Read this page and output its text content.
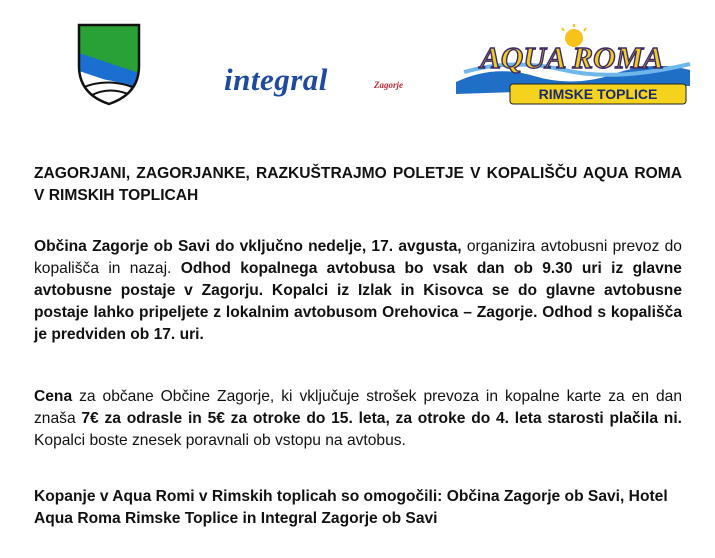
integral	Zagorje
AQUA ROMA
RIMSKE TOPLICE
ZAGORJANI, ZAGORJANKE, RAZKUŠTRAJMO POLETJE V KOPALIŠČU AQUA ROMA V RIMSKIH TOPLICAH
Občina Zagorje ob Savi do vključno nedelje, 17. avgusta, organizira avtobusni prevoz do kopališča in nazaj. Odhod kopalnega avtobusa bo vsak dan ob 9.30 uri iz glavne avtobusne postaje v Zagorju. Kopalci iz Izlak in Kisovca se do glavne avtobusne postaje lahko pripeljete z lokalnim avtobusom Orehovica – Zagorje. Odhod s kopališča je predviden ob 17. uri.
Cena za občane Občine Zagorje, ki vključuje strošek prevoza in kopalne karte za en dan znaša 7€ za odrasle in 5€ za otroke do 15. leta, za otroke do 4. leta starosti plačila ni. Kopalci boste znesek poravnali ob vstopu na avtobus.
Kopanje v Aqua Romi v Rimskih toplicah so omogočili: Občina Zagorje ob Savi, Hotel Aqua Roma Rimske Toplice in Integral Zagorje ob Savi
